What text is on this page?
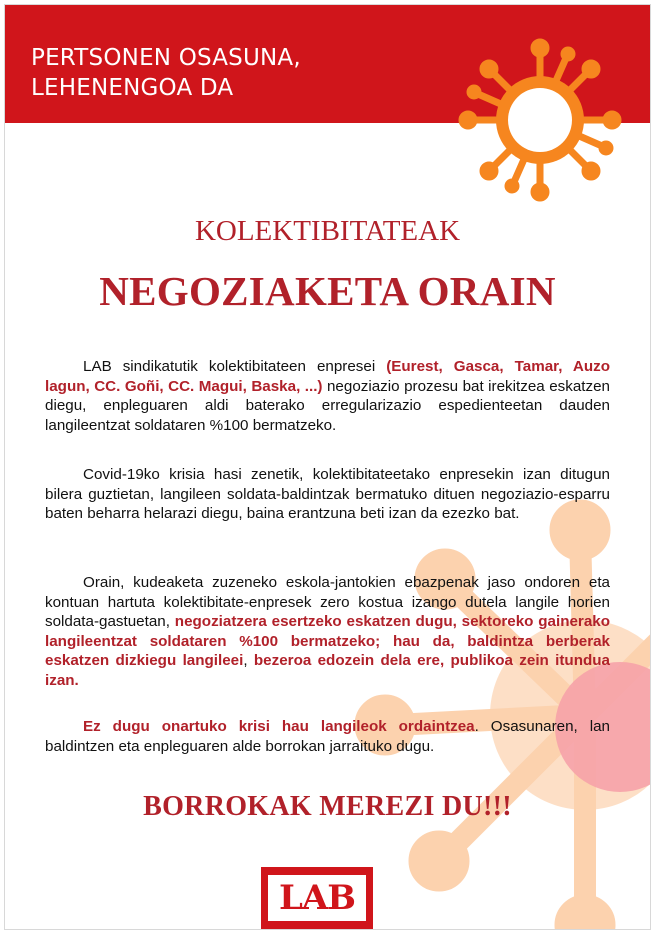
PERTSONEN OSASUNA,
LEHENENGOA DA
KOLEKTIBITATEAK
NEGOZIAKETA ORAIN

LAB sindikatutik kolektibitateen enpresei (Eurest, Gasca, Tamar, Auzo lagun, CC. Goñi, CC. Magui, Baska, ...) negoziazio prozesu bat irekitzea eskatzen diegu, enpleguaren aldi baterako erregularizazio espedienteetan dauden langileentzat soldataren %100 bermatzeko.

Covid-19ko krisia hasi zenetik, kolektibitateetako enpresekin izan ditugun bilera guztietan, langileen soldata-baldintzak bermatuko dituen negoziazio-esparru baten beharra helarazi diegu, baina erantzuna beti izan da ezezko bat.

Orain, kudeaketa zuzeneko eskola-jantokien ebazpenak jaso ondoren eta kontuan hartuta kolektibitate-enpresek zero kostua izango dutela langile horien soldata-gastuetan, negoziatzera esertzeko eskatzen dugu, sektoreko gainerako langileentzat soldataren %100 bermatzeko; hau da, baldintza berberak eskatzen dizkiegu langileei, bezeroa edozein dela ere, publikoa zein itundua izan.

Ez dugu onartuko krisi hau langileok ordaintzea. Osasunaren, lan baldintzen eta enpleguaren alde borrokan jarraituko dugu.

BORROKAK MEREZI DU!!!
LAB
